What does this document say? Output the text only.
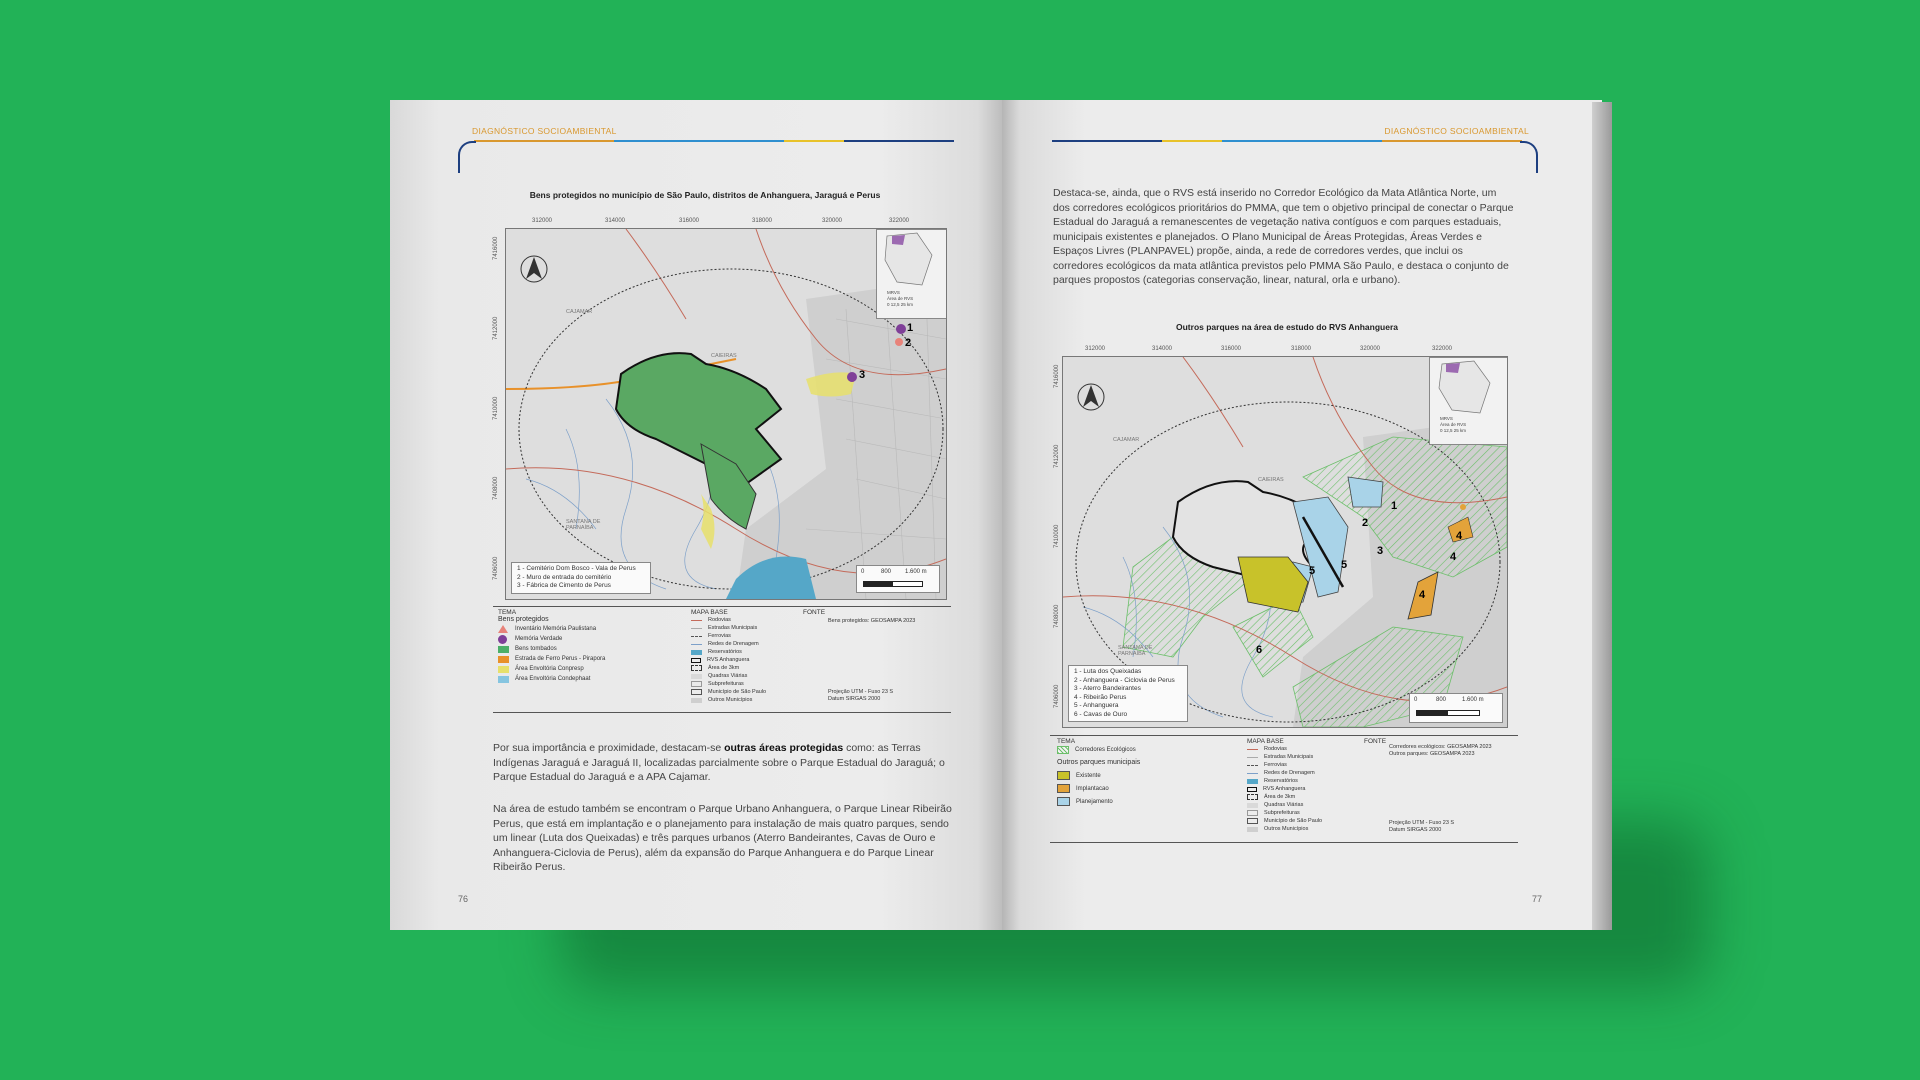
DIAGNÓSTICO SOCIOAMBIENTAL
Bens protegidos no município de São Paulo, distritos de Anhanguera, Jaraguá e Perus
312000	314000	316000	318000	320000	322000
7416000
7412000
7410000
7408000
7406000
CAJAMAR
CAIEIRAS
SANTANA DE PARNAÍBA
3
1
2
MRVS
Área de RVS
0 12,5 25 km
1 - Cemitério Dom Bosco - Vala de Perus
2 - Muro de entrada do cemitério
3 - Fábrica de Cimento de Perus
0	800 1.600 m
TEMA
Bens protegidos
Inventário Memória Paulistana
Memória Verdade
Bens tombados
Estrada de Ferro Perus - Pirapora
Área Envoltória Conpresp
Área Envoltória Condephaat
MAPA BASE
Rodovias
Estradas Municipais
Ferrovias
Redes de Drenagem
Reservatórios
RVS Anhanguera
Área de 3km
Quadras Viárias
Subprefeituras
Município de São Paulo
Outros Municípios
FONTE
Bens protegidos: GEOSAMPA 2023
Projeção UTM - Fuso 23 S
Datum SIRGAS 2000
Por sua importância e proximidade, destacam-se outras áreas protegidas como: as Terras Indígenas Jaraguá e Jaraguá II, localizadas parcialmente sobre o Parque Estadual do Jaraguá; o Parque Estadual do Jaraguá e a APA Cajamar.
Na área de estudo também se encontram o Parque Urbano Anhanguera, o Parque Linear Ribeirão Perus, que está em implantação e o planejamento para instalação de mais quatro parques, sendo um linear (Luta dos Queixadas) e três parques urbanos (Aterro Bandeirantes, Cavas de Ouro e Anhanguera-Ciclovia de Perus), além da expansão do Parque Anhanguera e do Parque Linear Ribeirão Perus.
76
DIAGNÓSTICO SOCIOAMBIENTAL
Destaca-se, ainda, que o RVS está inserido no Corredor Ecológico da Mata Atlântica Norte, um dos corredores ecológicos prioritários do PMMA, que tem o objetivo principal de conectar o Parque Estadual do Jaraguá a remanescentes de vegetação nativa contíguos e com parques estaduais, municipais existentes e planejados. O Plano Municipal de Áreas Protegidas, Áreas Verdes e Espaços Livres (PLANPAVEL) propõe, ainda, a rede de corredores verdes, que inclui os corredores ecológicos da mata atlântica previstos pelo PMMA São Paulo, e destaca o conjunto de parques propostos (categorias conservação, linear, natural, orla e urbano).
Outros parques na área de estudo do RVS Anhanguera
312000	314000	316000	318000	320000	322000
7416000
7412000
7410000
7408000
7406000
CAJAMAR
CAIEIRAS
SANTANA DE PARNAÍBA
1
2
3
4
4
4
5 5
6
MRVS
Área de RVS
0 12,5 25 km
1 - Luta dos Queixadas
2 - Anhanguera - Ciclovia de Perus
3 - Aterro Bandeirantes
4 - Ribeirão Perus
5 - Anhanguera
6 - Cavas de Ouro
0	800	1.600 m
TEMA
Corredores Ecológicos
Outros parques municipais
Existente
Implantacao
Planejamento
MAPA BASE
Rodovias
Estradas Municipais
Ferrovias
Redes de Drenagem
Reservatórios
RVS Anhanguera
Área de 3km
Quadras Viárias
Subprefeituras
Município de São Paulo
Outros Municípios
FONTE
Corredores ecológicos: GEOSAMPA 2023
Outros parques: GEOSAMPA 2023
Projeção UTM - Fuso 23 S
Datum SIRGAS 2000
77
